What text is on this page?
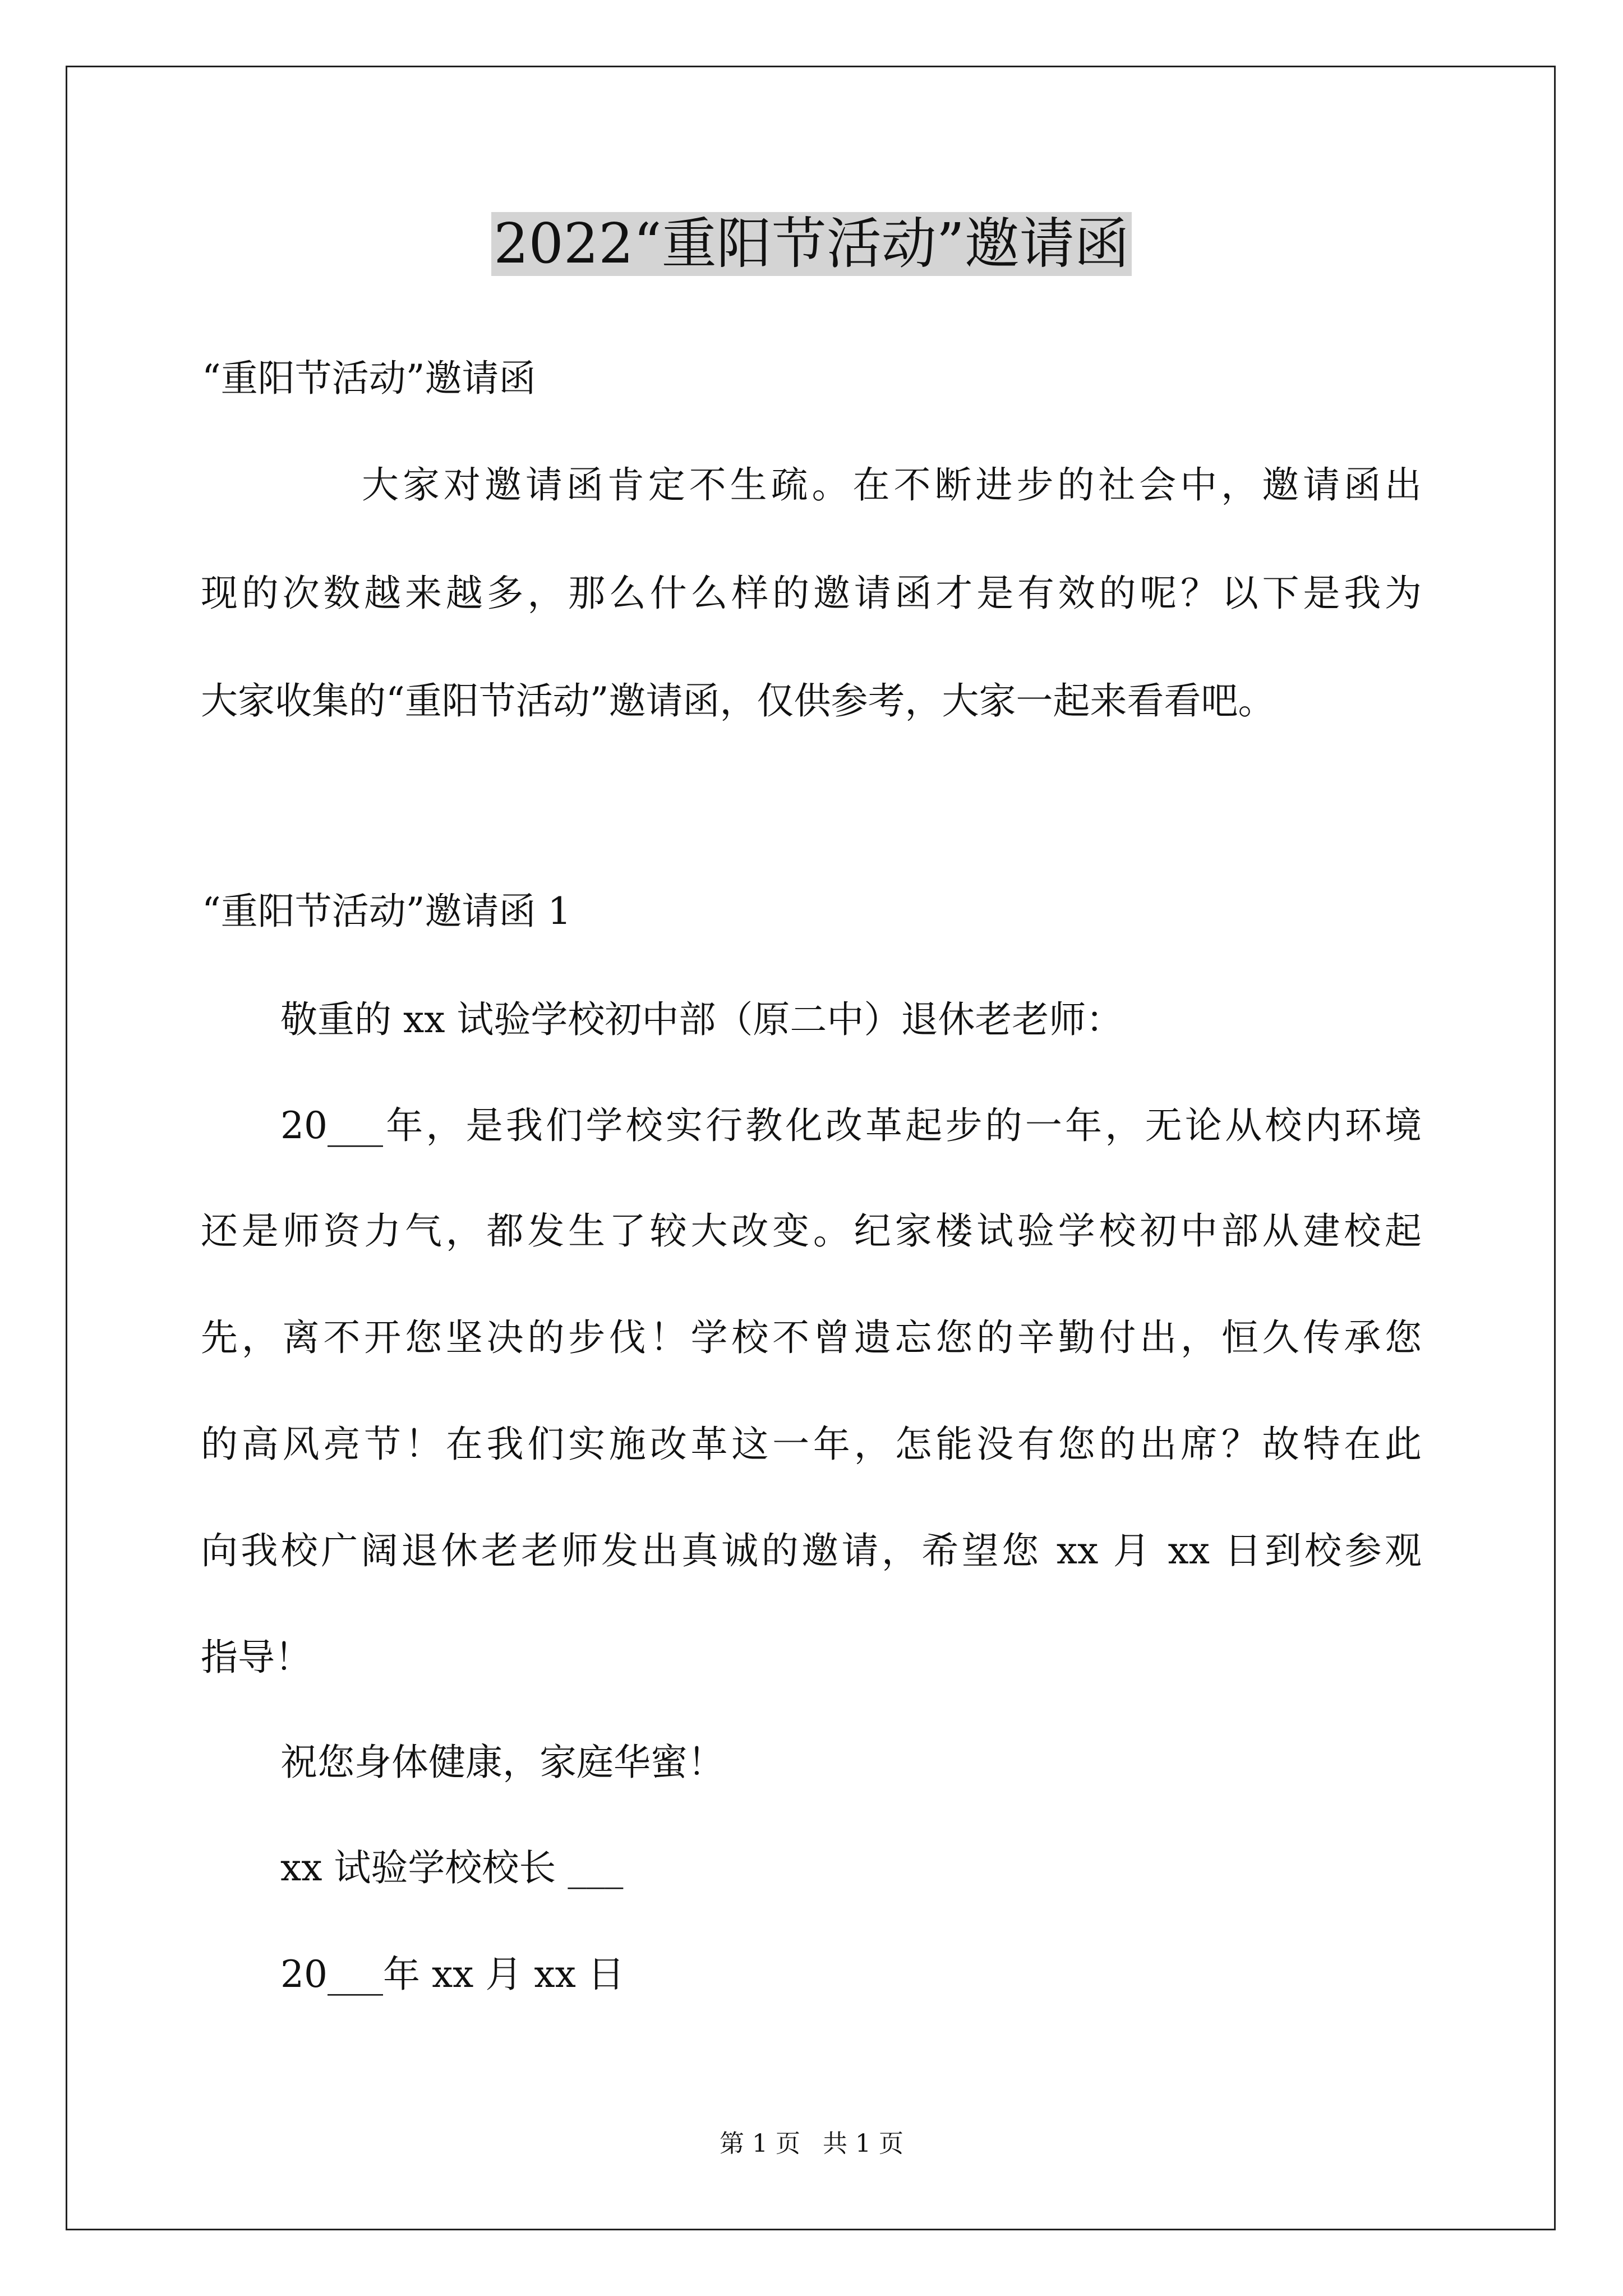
2022“重阳节活动”邀请函
“重阳节活动”邀请函
大家对邀请函肯定不生疏。在不断进步的社会中，邀请函出
现的次数越来越多，那么什么样的邀请函才是有效的呢？以下是我为
大家收集的“重阳节活动”邀请函，仅供参考，大家一起来看看吧。
“重阳节活动”邀请函 1
敬重的 xx 试验学校初中部（原二中）退休老老师：
20___年，是我们学校实行教化改革起步的一年，无论从校内环境
还是师资力气，都发生了较大改变。纪家楼试验学校初中部从建校起
先，离不开您坚决的步伐！学校不曾遗忘您的辛勤付出，恒久传承您
的高风亮节！在我们实施改革这一年，怎能没有您的出席？故特在此
向我校广阔退休老老师发出真诚的邀请，希望您 xx 月 xx 日到校参观
指导！
祝您身体健康，家庭华蜜！
xx 试验学校校长 ___
20___年 xx 月 xx 日
第 1 页 共 1 页
